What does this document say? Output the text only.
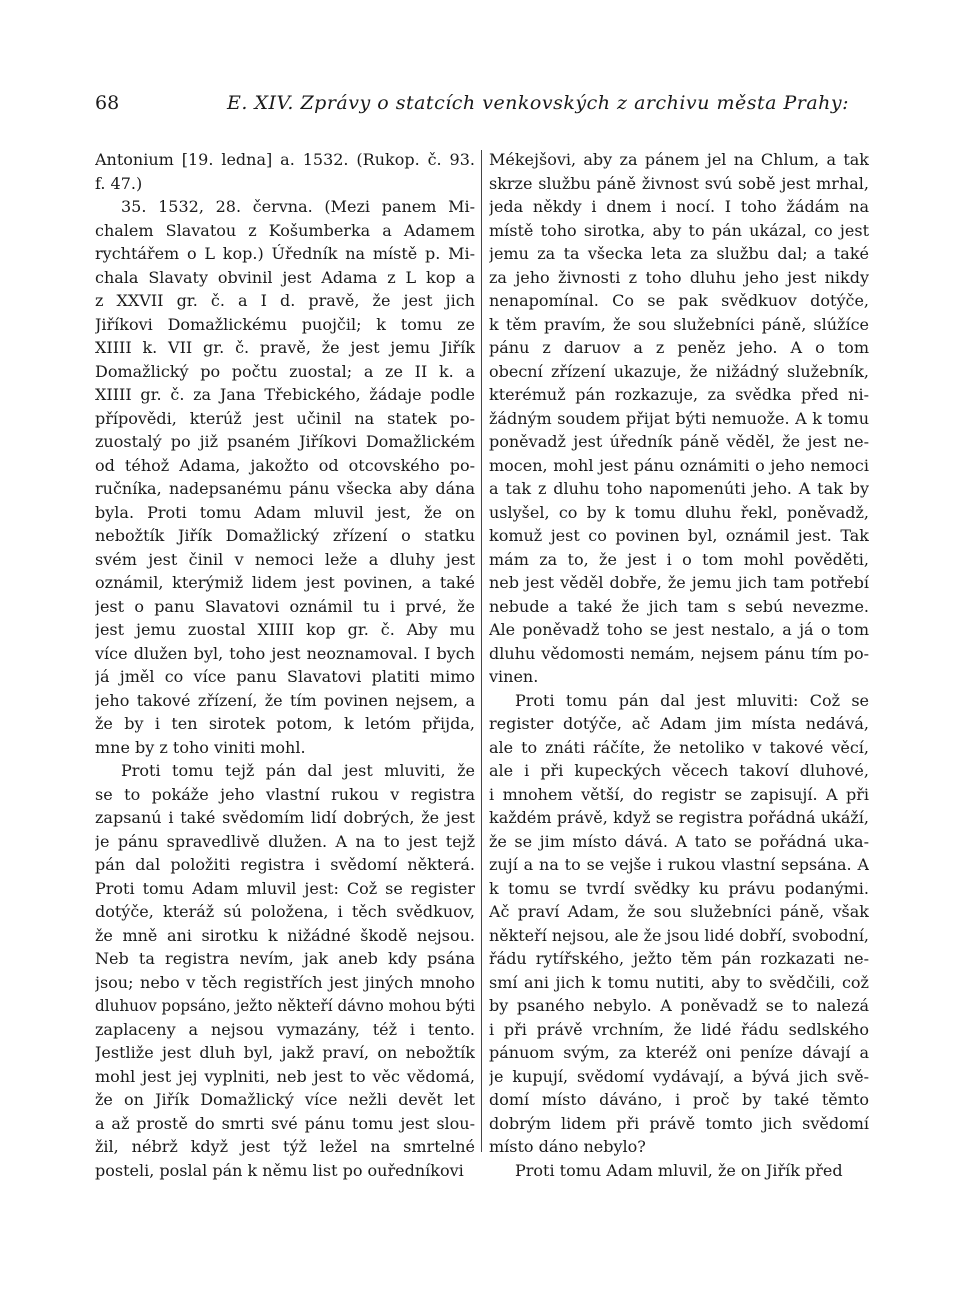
68	E. XIV. Zprávy o statcích venkovských z archivu města Prahy:
Antonium [19. ledna] a. 1532. (Rukop. č. 93.
f. 47.)
35. 1532, 28. června. (Mezi panem Mi-
chalem Slavatou z Košumberka a Adamem
rychtářem o L kop.) Úředník na místě p. Mi-
chala Slavaty obvinil jest Adama z L kop a
z XXVII gr. č. a I d. pravě, že jest jich
Jiříkovi Domažlickému puojčil; k tomu ze
XIIII k. VII gr. č. pravě, že jest jemu Jiřík
Domažlický po počtu zuostal; a ze II k. a
XIIII gr. č. za Jana Třebického, žádaje podle
přípovědi, kterúž jest učinil na statek po-
zuostalý po již psaném Jiříkovi Domažlickém
od téhož Adama, jakožto od otcovského po-
ručníka, nadepsanému pánu všecka aby dána
byla. Proti tomu Adam mluvil jest, že on
nebožtík Jiřík Domažlický zřízení o statku
svém jest činil v nemoci leže a dluhy jest
oznámil, kterýmiž lidem jest povinen, a také
jest o panu Slavatovi oznámil tu i prvé, že
jest jemu zuostal XIIII kop gr. č. Aby mu
více dlužen byl, toho jest neoznamoval. I bych
já jměl co více panu Slavatovi platiti mimo
jeho takové zřízení, že tím povinen nejsem, a
že by i ten sirotek potom, k letóm přijda,
mne by z toho viniti mohl.
Proti tomu tejž pán dal jest mluviti, že
se to pokáže jeho vlastní rukou v registra
zapsanú i také svědomím lidí dobrých, že jest
je pánu spravedlivě dlužen. A na to jest tejž
pán dal položiti registra i svědomí některá.
Proti tomu Adam mluvil jest: Což se register
dotýče, kteráž sú položena, i těch svědkuov,
že mně ani sirotku k nižádné škodě nejsou.
Neb ta registra nevím, jak aneb kdy psána
jsou; nebo v těch registřích jest jiných mnoho
dluhuov popsáno, ježto někteří dávno mohou býti
zaplaceny a nejsou vymazány, též i tento.
Jestliže jest dluh byl, jakž praví, on nebožtík
mohl jest jej vyplniti, neb jest to věc vědomá,
že on Jiřík Domažlický více nežli devět let
a až prostě do smrti své pánu tomu jest slou-
žil, nébrž když jest týž ležel na smrtelné
posteli, poslal pán k němu list po ouředníkovi
Mékejšovi, aby za pánem jel na Chlum, a tak
skrze službu páně živnost svú sobě jest mrhal,
jeda někdy i dnem i nocí. I toho žádám na
místě toho sirotka, aby to pán ukázal, co jest
jemu za ta všecka leta za službu dal; a také
za jeho živnosti z toho dluhu jeho jest nikdy
nenapomínal. Co se pak svědkuov dotýče,
k těm pravím, že sou služebníci páně, slúžíce
pánu z daruov a z peněz jeho. A o tom
obecní zřízení ukazuje, že nižádný služebník,
kterémuž pán rozkazuje, za svědka před ni-
žádným soudem přijat býti nemuože. A k tomu
poněvadž jest úředník páně věděl, že jest ne-
mocen, mohl jest pánu oznámiti o jeho nemoci
a tak z dluhu toho napomenúti jeho. A tak by
uslyšel, co by k tomu dluhu řekl, poněvadž,
komuž jest co povinen byl, oznámil jest. Tak
mám za to, že jest i o tom mohl pověděti,
neb jest věděl dobře, že jemu jich tam potřebí
nebude a také že jich tam s sebú nevezme.
Ale poněvadž toho se jest nestalo, a já o tom
dluhu vědomosti nemám, nejsem pánu tím po-
vinen.
Proti tomu pán dal jest mluviti: Což se
register dotýče, ač Adam jim místa nedává,
ale to znáti ráčíte, že netoliko v takové věcí,
ale i při kupeckých věcech takoví dluhové,
i mnohem větší, do registr se zapisují. A při
každém právě, když se registra pořádná ukáží,
že se jim místo dává. A tato se pořádná uka-
zují a na to se vejše i rukou vlastní sepsána. A
k tomu se tvrdí svědky ku právu podanými.
Ač praví Adam, že sou služebníci páně, však
někteří nejsou, ale že jsou lidé dobří, svobodní,
řádu rytířského, ježto těm pán rozkazati ne-
smí ani jich k tomu nutiti, aby to svědčili, což
by psaného nebylo. A poněvadž se to nalezá
i při právě vrchním, že lidé řádu sedlského
pánuom svým, za kteréž oni peníze dávají a
je kupují, svědomí vydávají, a bývá jich svě-
domí místo dáváno, i proč by také těmto
dobrým lidem při právě tomto jich svědomí
místo dáno nebylo?
Proti tomu Adam mluvil, že on Jiřík před
